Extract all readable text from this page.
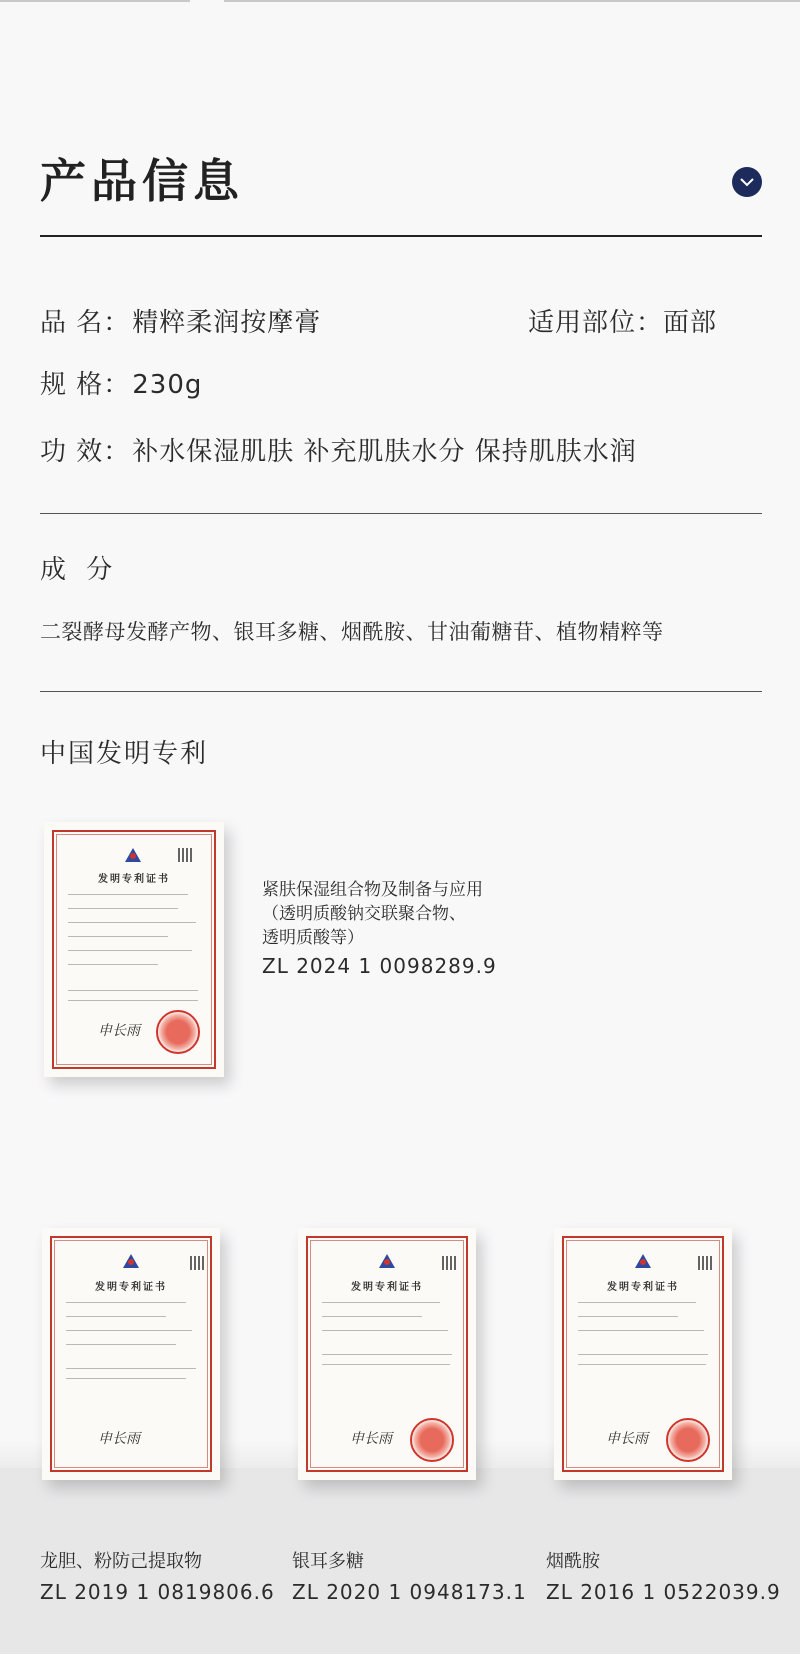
产品信息
品 名：精粹柔润按摩膏	适用部位：面部
规 格：230g
功 效：补水保湿肌肤 补充肌肤水分 保持肌肤水润
成 分
二裂酵母发酵产物、银耳多糖、烟酰胺、甘油葡糖苷、植物精粹等
中国发明专利
发明专利证书
申长雨
紧肤保湿组合物及制备与应用
（透明质酸钠交联聚合物、
透明质酸等）
ZL 2024 1 0098289.9
发明专利证书
申长雨
发明专利证书
申长雨
发明专利证书
申长雨
龙胆、粉防己提取物
ZL 2019 1 0819806.6
银耳多糖
ZL 2020 1 0948173.1
烟酰胺
ZL 2016 1 0522039.9
